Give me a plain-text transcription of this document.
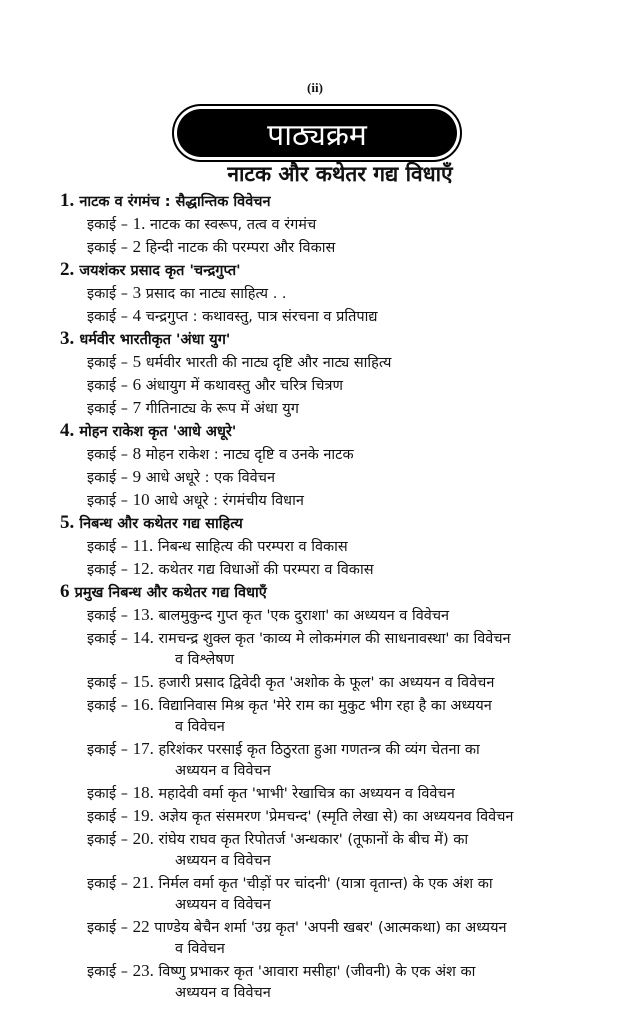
(ii)
पाठ्यक्रम
नाटक और कथेतर गद्य विधाएँ
1. नाटक व रंगमंच : सैद्धान्तिक विवेचन
इकाई – 1. नाटक का स्वरूप, तत्व व रंगमंच
इकाई – 2 हिन्दी नाटक की परम्परा और विकास
2. जयशंकर प्रसाद कृत 'चन्द्रगुप्त'
इकाई – 3 प्रसाद का नाट्य साहित्य . .
इकाई – 4 चन्द्रगुप्त : कथावस्तु, पात्र संरचना व प्रतिपाद्य
3. धर्मवीर भारतीकृत 'अंधा युग'
इकाई – 5 धर्मवीर भारती की नाट्य दृष्टि और नाट्य साहित्य
इकाई – 6 अंधायुग में कथावस्तु और चरित्र चित्रण
इकाई – 7 गीतिनाट्य के रूप में अंधा युग
4. मोहन राकेश कृत 'आधे अधूरे'
इकाई – 8 मोहन राकेश : नाट्य दृष्टि व उनके नाटक
इकाई – 9 आधे अधूरे : एक विवेचन
इकाई – 10 आधे अधूरे : रंगमंचीय विधान
5. निबन्ध और कथेतर गद्य साहित्य
इकाई – 11. निबन्ध साहित्य की परम्परा व विकास
इकाई – 12. कथेतर गद्य विधाओं की परम्परा व विकास
6 प्रमुख निबन्ध और कथेतर गद्य विधाएँ
इकाई – 13. बालमुकुन्द गुप्त कृत 'एक दुराशा' का अध्ययन व विवेचन
इकाई – 14. रामचन्द्र शुक्ल कृत 'काव्य मे लोकमंगल की साधनावस्था' का विवेचन
व विश्लेषण
इकाई – 15. हजारी प्रसाद द्विवेदी कृत 'अशोक के फूल' का अध्ययन व विवेचन
इकाई – 16. विद्यानिवास मिश्र कृत 'मेरे राम का मुकुट भीग रहा है का अध्ययन
व विवेचन
इकाई – 17. हरिशंकर परसाई कृत ठिठुरता हुआ गणतन्त्र की व्यंग चेतना का
अध्ययन व विवेचन
इकाई – 18. महादेवी वर्मा कृत 'भाभी' रेखाचित्र का अध्ययन व विवेचन
इकाई – 19. अज्ञेय कृत संसमरण 'प्रेमचन्द' (स्मृति लेखा से) का अध्ययनव विवेचन
इकाई – 20. रांघेय राघव कृत रिपोतर्ज 'अन्धकार' (तूफानों के बीच में) का
अध्ययन व विवेचन
इकाई – 21. निर्मल वर्मा कृत 'चीड़ों पर चांदनी' (यात्रा वृतान्त) के एक अंश का
अध्ययन व विवेचन
इकाई – 22 पाण्डेय बेचैन शर्मा 'उग्र कृत' 'अपनी खबर' (आत्मकथा) का अध्ययन
व विवेचन
इकाई – 23. विष्णु प्रभाकर कृत 'आवारा मसीहा' (जीवनी) के एक अंश का
अध्ययन व विवेचन
